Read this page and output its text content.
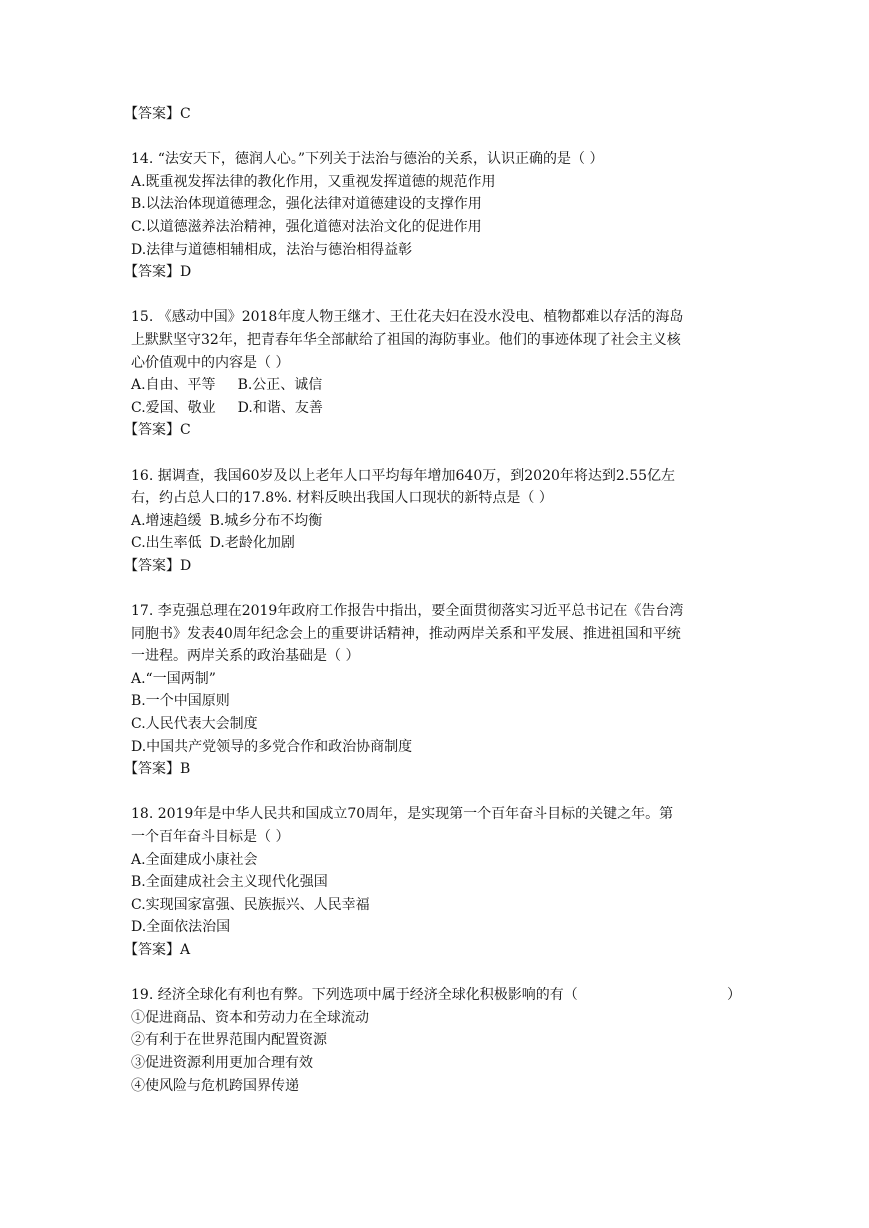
【答案】C
14. “法安天下，德润人心。”下列关于法治与德治的关系，认识正确的是（ ）
A.既重视发挥法律的教化作用，又重视发挥道德的规范作用
B.以法治体现道德理念，强化法律对道德建设的支撑作用
C.以道德滋养法治精神，强化道德对法治文化的促进作用
D.法律与道德相辅相成，法治与德治相得益彰
【答案】D
15. 《感动中国》2018年度人物王继才、王仕花夫妇在没水没电、植物都难以存活的海岛
上默默坚守32年，把青春年华全部献给了祖国的海防事业。他们的事迹体现了社会主义核
心价值观中的内容是（ ）
A.自由、平等 B.公正、诚信
C.爱国、敬业 D.和谐、友善
【答案】C
16. 据调查，我国60岁及以上老年人口平均每年增加640万，到2020年将达到2.55亿左
右，约占总人口的17.8%. 材料反映出我国人口现状的新特点是（ ）
A.增速趋缓 B.城乡分布不均衡
C.出生率低 D.老龄化加剧
【答案】D
17. 李克强总理在2019年政府工作报告中指出，要全面贯彻落实习近平总书记在《告台湾
同胞书》发表40周年纪念会上的重要讲话精神，推动两岸关系和平发展、推进祖国和平统
一进程。两岸关系的政治基础是（ ）
A.“一国两制”
B.一个中国原则
C.人民代表大会制度
D.中国共产党领导的多党合作和政治协商制度
【答案】B
18. 2019年是中华人民共和国成立70周年，是实现第一个百年奋斗目标的关键之年。第
一个百年奋斗目标是（ ）
A.全面建成小康社会
B.全面建成社会主义现代化强国
C.实现国家富强、民族振兴、人民幸福
D.全面依法治国
【答案】A
19. 经济全球化有利也有弊。下列选项中属于经济全球化积极影响的有（	）
①促进商品、资本和劳动力在全球流动
②有利于在世界范围内配置资源
③促进资源利用更加合理有效
④使风险与危机跨国界传递
